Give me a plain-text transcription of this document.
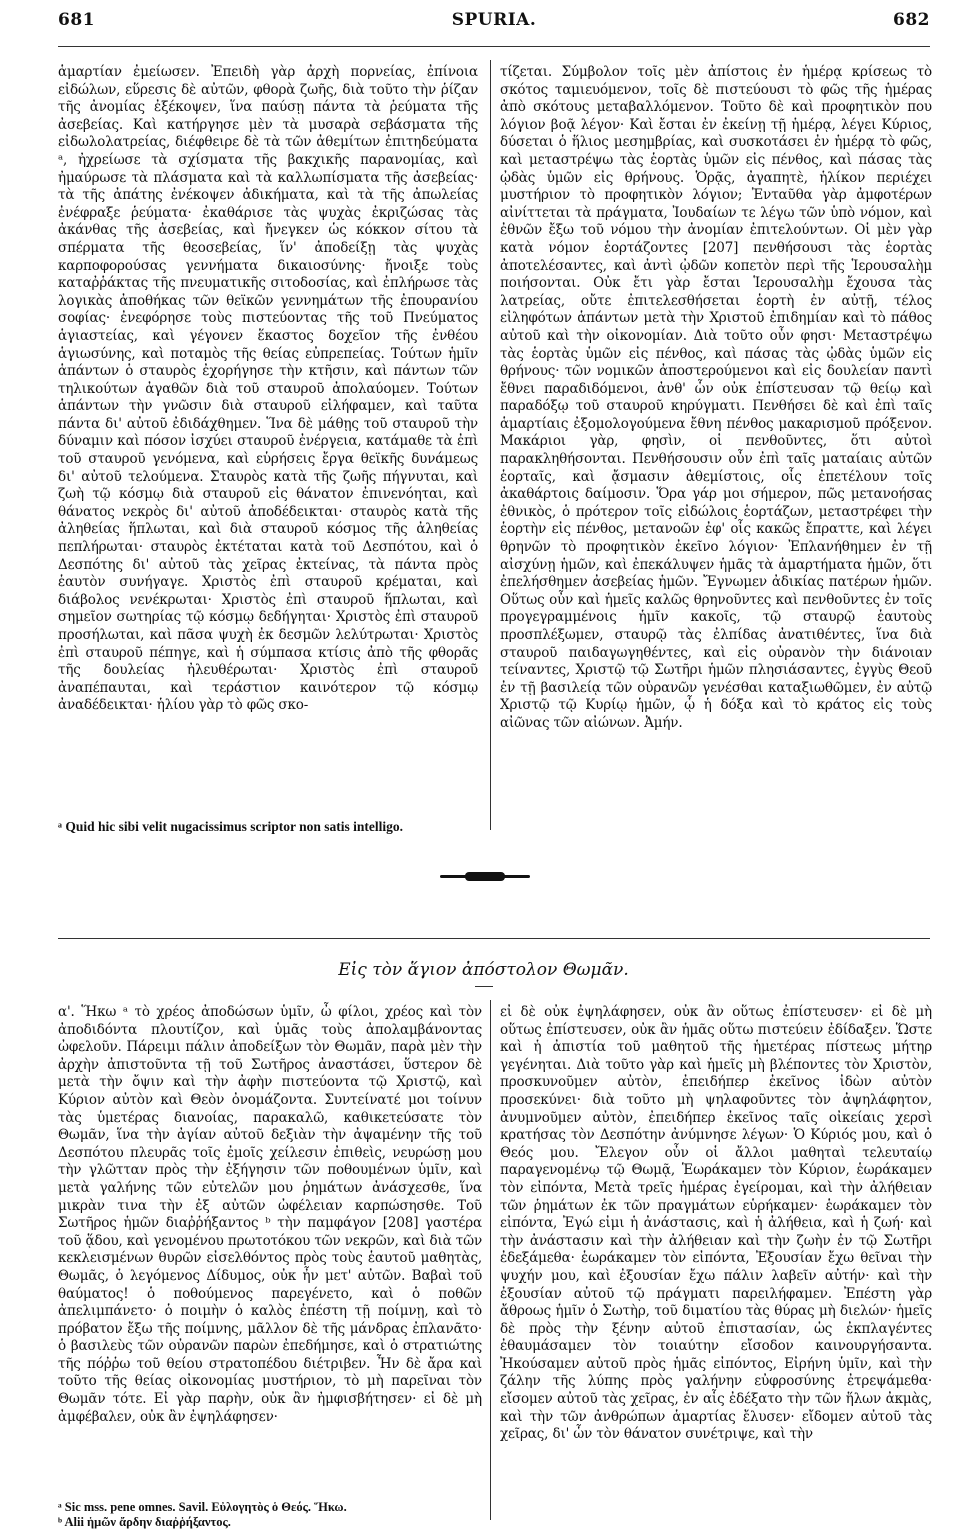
681	SPURIA.	682

ἁμαρτίαν ἐμείωσεν. Ἐπειδὴ γὰρ ἀρχὴ πορνείας, ἐπίνοια εἰδώλων, εὕρεσις δὲ αὐτῶν, φθορὰ ζωῆς, διὰ τοῦτο τὴν ῥίζαν τῆς ἀνομίας ἐξέκοψεν, ἵνα παύσῃ πάντα τὰ ῥεύματα τῆς ἀσεβείας. Καὶ κατήργησε μὲν τὰ μυσαρὰ σεβάσματα τῆς εἰδωλολατρείας, διέφθειρε δὲ τὰ τῶν ἀθεμίτων ἐπιτηδεύματα ᵃ, ἠχρείωσε τὰ σχίσματα τῆς βακχικῆς παρανομίας, καὶ ἠμαύρωσε τὰ πλάσματα καὶ τὰ καλλωπίσματα τῆς ἀσεβείας· τὰ τῆς ἀπάτης ἐνέκοψεν ἀδικήματα, καὶ τὰ τῆς ἀπωλείας ἐνέφραξε ῥεύματα· ἐκαθάρισε τὰς ψυχὰς ἐκριζώσας τὰς ἀκάνθας τῆς ἀσεβείας, καὶ ἤνεγκεν ὡς κόκκον σίτου τὰ σπέρματα τῆς θεοσεβείας, ἵν' ἀποδείξῃ τὰς ψυχὰς καρποφορούσας γεννήματα δικαιοσύνης· ἤνοιξε τοὺς καταῤῥάκτας τῆς πνευματικῆς σιτοδοσίας, καὶ ἐπλήρωσε τὰς λογικὰς ἀποθήκας τῶν θεϊκῶν γεννημάτων τῆς ἐπουρανίου σοφίας· ἐνεφόρησε τοὺς πιστεύοντας τῆς τοῦ Πνεύματος ἁγιαστείας, καὶ γέγονεν ἕκαστος δοχεῖον τῆς ἐνθέου ἁγιωσύνης, καὶ ποταμὸς τῆς θείας εὐπρεπείας. Τούτων ἡμῖν ἁπάντων ὁ σταυρὸς ἐχορήγησε τὴν κτῆσιν, καὶ πάντων τῶν τηλικούτων ἀγαθῶν διὰ τοῦ σταυροῦ ἀπολαύομεν. Τούτων ἁπάντων τὴν γνῶσιν διὰ σταυροῦ εἰλήφαμεν, καὶ ταῦτα πάντα δι' αὐτοῦ ἐδιδάχθημεν. Ἵνα δὲ μάθῃς τοῦ σταυροῦ τὴν δύναμιν καὶ πόσον ἰσχύει σταυροῦ ἐνέργεια, κατάμαθε τὰ ἐπὶ τοῦ σταυροῦ γενόμενα, καὶ εὑρήσεις ἔργα θεϊκῆς δυνάμεως δι' αὐτοῦ τελούμενα. Σταυρὸς κατὰ τῆς ζωῆς πήγνυται, καὶ ζωὴ τῷ κόσμῳ διὰ σταυροῦ εἰς θάνατον ἐπινενόηται, καὶ θάνατος νεκρὸς δι' αὐτοῦ ἀποδέδεικται· σταυρὸς κατὰ τῆς ἀληθείας ἥπλωται, καὶ διὰ σταυροῦ κόσμος τῆς ἀληθείας πεπλήρωται· σταυρὸς ἐκτέταται κατὰ τοῦ Δεσπότου, καὶ ὁ Δεσπότης δι' αὐτοῦ τὰς χεῖρας ἐκτείνας, τὰ πάντα πρὸς ἑαυτὸν συνήγαγε. Χριστὸς ἐπὶ σταυροῦ κρέμαται, καὶ διάβολος νενέκρωται· Χριστὸς ἐπὶ σταυροῦ ἥπλωται, καὶ σημεῖον σωτηρίας τῷ κόσμῳ δεδήγηται· Χριστὸς ἐπὶ σταυροῦ προσήλωται, καὶ πᾶσα ψυχὴ ἐκ δεσμῶν λελύτρωται· Χριστὸς ἐπὶ σταυροῦ πέπηγε, καὶ ἡ σύμπασα κτίσις ἀπὸ τῆς φθορᾶς τῆς δουλείας ἠλευθέρωται· Χριστὸς ἐπὶ σταυροῦ ἀναπέπαυται, καὶ τεράστιον καινότερον τῷ κόσμῳ ἀναδέδεικται· ἡλίου γὰρ τὸ φῶς σκο-

τίζεται. Σύμβολον τοῖς μὲν ἀπίστοις ἐν ἡμέρᾳ κρίσεως τὸ σκότος ταμιευόμενον, τοῖς δὲ πιστεύουσι τὸ φῶς τῆς ἡμέρας ἀπὸ σκότους μεταβαλλόμενον. Τοῦτο δὲ καὶ προφητικὸν που λόγιον βοᾷ λέγον· Καὶ ἔσται ἐν ἐκείνῃ τῇ ἡμέρᾳ, λέγει Κύριος, δύσεται ὁ ἥλιος μεσημβρίας, καὶ συσκοτάσει ἐν ἡμέρᾳ τὸ φῶς, καὶ μεταστρέψω τὰς ἑορτὰς ὑμῶν εἰς πένθος, καὶ πάσας τὰς ᾠδὰς ὑμῶν εἰς θρήνους. Ὁρᾷς, ἀγαπητὲ, ἡλίκον περιέχει μυστήριον τὸ προφητικὸν λόγιον; Ἐνταῦθα γὰρ ἀμφοτέρων αἰνίττεται τὰ πράγματα, Ἰουδαίων τε λέγω τῶν ὑπὸ νόμον, καὶ ἐθνῶν ἔξω τοῦ νόμου τὴν ἀνομίαν ἐπιτελούντων. Οἱ μὲν γὰρ κατὰ νόμον ἑορτάζοντες [207] πενθήσουσι τὰς ἑορτὰς ἀποτελέσαντες, καὶ ἀντὶ ᾠδῶν κοπετὸν περὶ τῆς Ἱερουσαλὴμ ποιήσονται. Οὐκ ἔτι γὰρ ἔσται Ἱερουσαλὴμ ἔχουσα τὰς λατρείας, οὔτε ἐπιτελεσθήσεται ἑορτὴ ἐν αὐτῇ, τέλος εἰληφότων ἁπάντων μετὰ τὴν Χριστοῦ ἐπιδημίαν καὶ τὸ πάθος αὐτοῦ καὶ τὴν οἰκονομίαν. Διὰ τοῦτο οὖν φησι· Μεταστρέψω τὰς ἑορτὰς ὑμῶν εἰς πένθος, καὶ πάσας τὰς ᾠδὰς ὑμῶν εἰς θρήνους· τῶν νομικῶν ἀποστερούμενοι καὶ εἰς δουλείαν παντὶ ἔθνει παραδιδόμενοι, ἀνθ' ὧν οὐκ ἐπίστευσαν τῷ θείῳ καὶ παραδόξῳ τοῦ σταυροῦ κηρύγματι. Πενθήσει δὲ καὶ ἐπὶ ταῖς ἁμαρτίαις ἐξομολογούμενα ἔθνη πένθος μακαρισμοῦ πρόξενον. Μακάριοι γὰρ, φησὶν, οἱ πενθοῦντες, ὅτι αὐτοὶ παρακληθήσονται. Πενθήσουσιν οὖν ἐπὶ ταῖς ματαίαις αὐτῶν ἑορταῖς, καὶ ᾄσμασιν ἀθεμίστοις, οἷς ἐπετέλουν τοῖς ἀκαθάρτοις δαίμοσιν. Ὅρα γάρ μοι σήμερον, πῶς μετανοήσας ἐθνικὸς, ὁ πρότερον τοῖς εἰδώλοις ἑορτάζων, μεταστρέφει τὴν ἑορτὴν εἰς πένθος, μετανοῶν ἐφ' οἷς κακῶς ἔπραττε, καὶ λέγει θρηνῶν τὸ προφητικὸν ἐκεῖνο λόγιον· Ἐπλανήθημεν ἐν τῇ αἰσχύνῃ ἡμῶν, καὶ ἐπεκάλυψεν ἡμᾶς τὰ ἁμαρτήματα ἡμῶν, ὅτι ἐπελήσθημεν ἀσεβείας ἡμῶν. Ἔγνωμεν ἀδικίας πατέρων ἡμῶν. Οὕτως οὖν καὶ ἡμεῖς καλῶς θρηνοῦντες καὶ πενθοῦντες ἐν τοῖς προγεγραμμένοις ἡμῖν κακοῖς, τῷ σταυρῷ ἑαυτοὺς προσπλέξωμεν, σταυρῷ τὰς ἐλπίδας ἀνατιθέντες, ἵνα διὰ σταυροῦ παιδαγωγηθέντες, καὶ εἰς οὐρανὸν τὴν διάνοιαν τείναντες, Χριστῷ τῷ Σωτῆρι ἡμῶν πλησιάσαντες, ἐγγὺς Θεοῦ ἐν τῇ βασιλείᾳ τῶν οὐρανῶν γενέσθαι καταξιωθῶμεν, ἐν αὐτῷ Χριστῷ τῷ Κυρίῳ ἡμῶν, ᾧ ἡ δόξα καὶ τὸ κράτος εἰς τοὺς αἰῶνας τῶν αἰώνων. Ἀμήν.

ᵃ Quid hic sibi velit nugacissimus scriptor non satis intelligo.
Εἰς τὸν ἅγιον ἀπόστολον Θωμᾶν.

α'. Ἥκω ᵃ τὸ χρέος ἀποδώσων ὑμῖν, ὦ φίλοι, χρέος καὶ τὸν ἀποδιδόντα πλουτίζον, καὶ ὑμᾶς τοὺς ἀπολαμβάνοντας ὠφελοῦν. Πάρειμι πάλιν ἀποδείξων τὸν Θωμᾶν, παρὰ μὲν τὴν ἀρχὴν ἀπιστοῦντα τῇ τοῦ Σωτῆρος ἀναστάσει, ὕστερον δὲ μετὰ τὴν ὄψιν καὶ τὴν ἀφὴν πιστεύοντα τῷ Χριστῷ, καὶ Κύριον αὐτὸν καὶ Θεὸν ὀνομάζοντα. Συντείνατέ μοι τοίνυν τὰς ὑμετέρας διανοίας, παρακαλῶ, καθικετεύσατε τὸν Θωμᾶν, ἵνα τὴν ἀγίαν αὐτοῦ δεξιὰν τὴν ἀψαμένην τῆς τοῦ Δεσπότου πλευρᾶς τοῖς ἐμοῖς χείλεσιν ἐπιθεὶς, νευρώσῃ μου τὴν γλῶτταν πρὸς τὴν ἐξήγησιν τῶν ποθουμένων ὑμῖν, καὶ μετὰ γαλήνης τῶν εὐτελῶν μου ῥημάτων ἀνάσχεσθε, ἵνα μικρὰν τινα τὴν ἐξ αὐτῶν ὠφέλειαν καρπώσησθε. Τοῦ Σωτῆρος ἡμῶν διαῤῥήξαντος ᵇ τὴν παμφάγον [208] γαστέρα τοῦ ᾅδου, καὶ γενομένου πρωτοτόκου τῶν νεκρῶν, καὶ διὰ τῶν κεκλεισμένων θυρῶν εἰσελθόντος πρὸς τοὺς ἑαυτοῦ μαθητὰς, Θωμᾶς, ὁ λεγόμενος Δίδυμος, οὐκ ἦν μετ' αὐτῶν. Βαβαὶ τοῦ θαύματος! ὁ ποθούμενος παρεγένετο, καὶ ὁ ποθῶν ἀπελιμπάνετο· ὁ ποιμὴν ὁ καλὸς ἐπέστη τῇ ποίμνῃ, καὶ τὸ πρόβατον ἔξω τῆς ποίμνης, μᾶλλον δὲ τῆς μάνδρας ἐπλανᾶτο· ὁ βασιλεὺς τῶν οὐρανῶν παρὼν ἐπεδήμησε, καὶ ὁ στρατιώτης τῆς πόῤῥω τοῦ θείου στρατοπέδου διέτριβεν. Ἦν δὲ ἄρα καὶ τοῦτο τῆς θείας οἰκονομίας μυστήριον, τὸ μὴ παρεῖναι τὸν Θωμᾶν τότε. Εἰ γὰρ παρὴν, οὐκ ἂν ἠμφισβήτησεν· εἰ δὲ μὴ ἀμφέβαλεν, οὐκ ἂν ἐψηλάφησεν·

εἰ δὲ οὐκ ἐψηλάφησεν, οὐκ ἂν οὕτως ἐπίστευσεν· εἰ δὲ μὴ οὕτως ἐπίστευσεν, οὐκ ἂν ἡμᾶς οὕτω πιστεύειν ἐδίδαξεν. Ὥστε καὶ ἡ ἀπιστία τοῦ μαθητοῦ τῆς ἡμετέρας πίστεως μήτηρ γεγένηται. Διὰ τοῦτο γὰρ καὶ ἡμεῖς μὴ βλέποντες τὸν Χριστὸν, προσκυνοῦμεν αὐτὸν, ἐπειδήπερ ἐκεῖνος ἰδὼν αὐτὸν προσεκύνει· διὰ τοῦτο μὴ ψηλαφοῦντες τὸν ἀψηλάφητον, ἀνυμνοῦμεν αὐτὸν, ἐπειδήπερ ἐκεῖνος ταῖς οἰκείαις χερσὶ κρατήσας τὸν Δεσπότην ἀνύμνησε λέγων· Ὁ Κύριός μου, καὶ ὁ Θεός μου. Ἔλεγον οὖν οἱ ἄλλοι μαθηταὶ τελευταίῳ παραγενομένῳ τῷ Θωμᾷ, Ἑωράκαμεν τὸν Κύριον, ἑωράκαμεν τὸν εἰπόντα, Μετὰ τρεῖς ἡμέρας ἐγείρομαι, καὶ τὴν ἀλήθειαν τῶν ῥημάτων ἐκ τῶν πραγμάτων εὑρήκαμεν· ἑωράκαμεν τὸν εἰπόντα, Ἐγώ εἰμι ἡ ἀνάστασις, καὶ ἡ ἀλήθεια, καὶ ἡ ζωή· καὶ τὴν ἀνάστασιν καὶ τὴν ἀλήθειαν καὶ τὴν ζωὴν ἐν τῷ Σωτῆρι ἐδεξάμεθα· ἑωράκαμεν τὸν εἰπόντα, Ἐξουσίαν ἔχω θεῖναι τὴν ψυχήν μου, καὶ ἐξουσίαν ἔχω πάλιν λαβεῖν αὐτήν· καὶ τὴν ἐξουσίαν αὐτοῦ τῷ πράγματι παρειλήφαμεν. Ἐπέστη γὰρ ἄθροως ἡμῖν ὁ Σωτὴρ, τοῦ διματίου τὰς θύρας μὴ διελών· ἡμεῖς δὲ πρὸς τὴν ξένην αὐτοῦ ἐπιστασίαν, ὡς ἐκπλαγέντες ἐθαυμάσαμεν τὸν τοιαύτην εἴσοδον καινουργήσαντα. Ἠκούσαμεν αὐτοῦ πρὸς ἡμᾶς εἰπόντος, Εἰρήνη ὑμῖν, καὶ τὴν ζάλην τῆς λύπης πρὸς γαλήνην εὐφροσύνης ἐτρεψάμεθα· εἴσομεν αὐτοῦ τὰς χεῖρας, ἐν αἷς ἐδέξατο τὴν τῶν ἥλων ἀκμὰς, καὶ τὴν τῶν ἀνθρώπων ἁμαρτίας ἔλυσεν· εἴδομεν αὐτοῦ τὰς χεῖρας, δι' ὧν τὸν θάνατον συνέτριψε, καὶ τὴν

ᵃ Sic mss. pene omnes. Savil. Εὐλογητὸς ὁ Θεός. Ἥκω.
ᵇ Alii ἡμῶν ἄρδην διαῤῥήξαντος.
